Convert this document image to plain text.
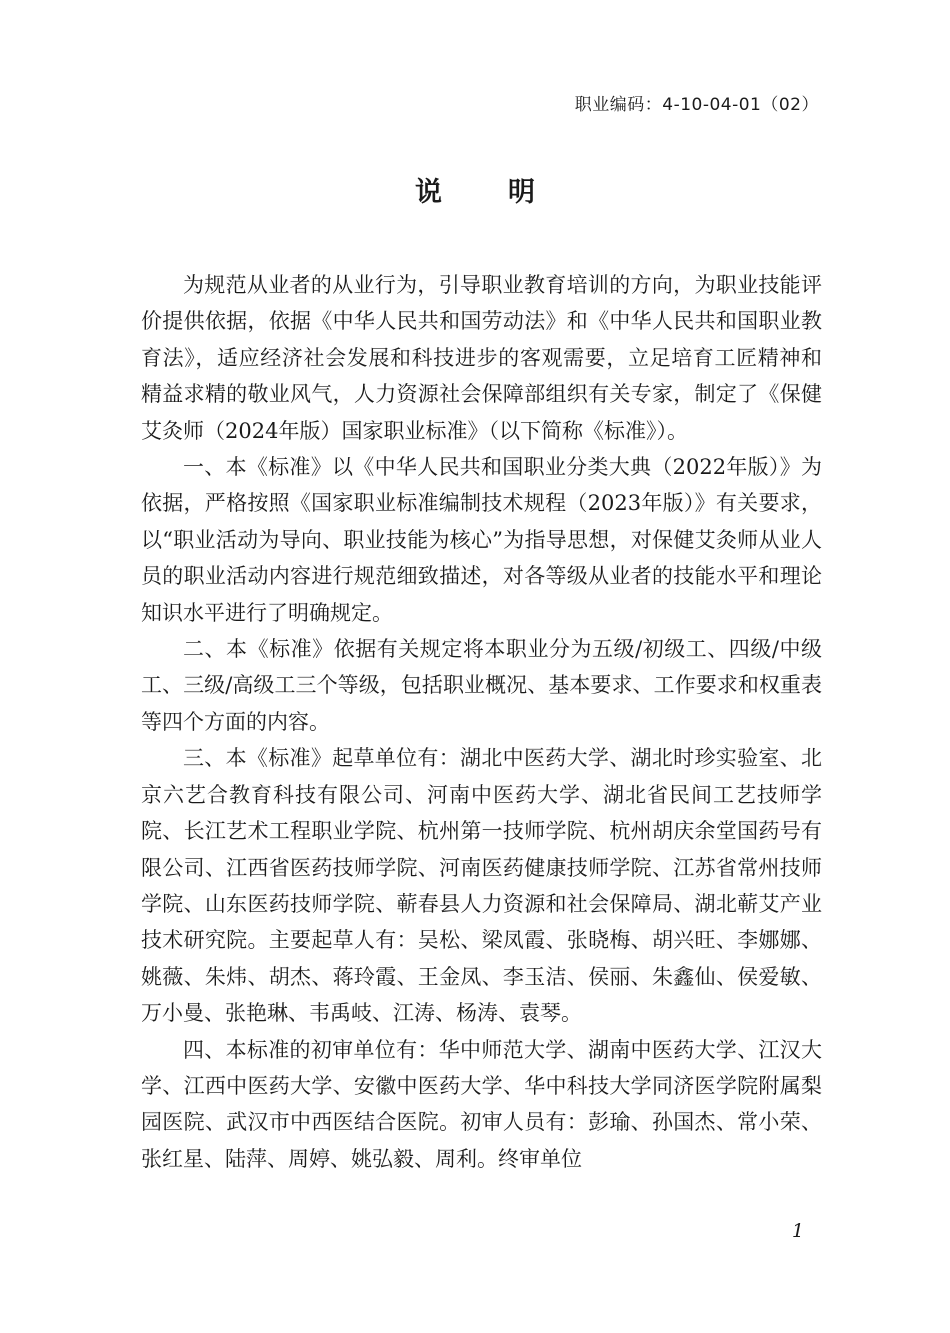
职业编码：4-10-04-01（02）
说明

为规范从业者的从业行为，引导职业教育培训的方向，为职业技能评价提供依据，依据《中华人民共和国劳动法》和《中华人民共和国职业教育法》，适应经济社会发展和科技进步的客观需要，立足培育工匠精神和精益求精的敬业风气，人力资源社会保障部组织有关专家，制定了《保健艾灸师（2024年版）国家职业标准》（以下简称《标准》）。

一、本《标准》以《中华人民共和国职业分类大典（2022年版）》为依据，严格按照《国家职业标准编制技术规程（2023年版）》有关要求，以“职业活动为导向、职业技能为核心”为指导思想，对保健艾灸师从业人员的职业活动内容进行规范细致描述，对各等级从业者的技能水平和理论知识水平进行了明确规定。

二、本《标准》依据有关规定将本职业分为五级/初级工、四级/中级工、三级/高级工三个等级，包括职业概况、基本要求、工作要求和权重表等四个方面的内容。

三、本《标准》起草单位有：湖北中医药大学、湖北时珍实验室、北京六艺合教育科技有限公司、河南中医药大学、湖北省民间工艺技师学院、长江艺术工程职业学院、杭州第一技师学院、杭州胡庆余堂国药号有限公司、江西省医药技师学院、河南医药健康技师学院、江苏省常州技师学院、山东医药技师学院、蕲春县人力资源和社会保障局、湖北蕲艾产业技术研究院。主要起草人有：吴松、梁凤霞、张晓梅、胡兴旺、李娜娜、姚薇、朱炜、胡杰、蒋玲霞、王金凤、李玉洁、侯丽、朱鑫仙、侯爱敏、万小曼、张艳琳、韦禹岐、江涛、杨涛、袁琴。

四、本标准的初审单位有：华中师范大学、湖南中医药大学、江汉大学、江西中医药大学、安徽中医药大学、华中科技大学同济医学院附属梨园医院、武汉市中西医结合医院。初审人员有：彭瑜、孙国杰、常小荣、张红星、陆萍、周婷、姚弘毅、周利。终审单位

1
